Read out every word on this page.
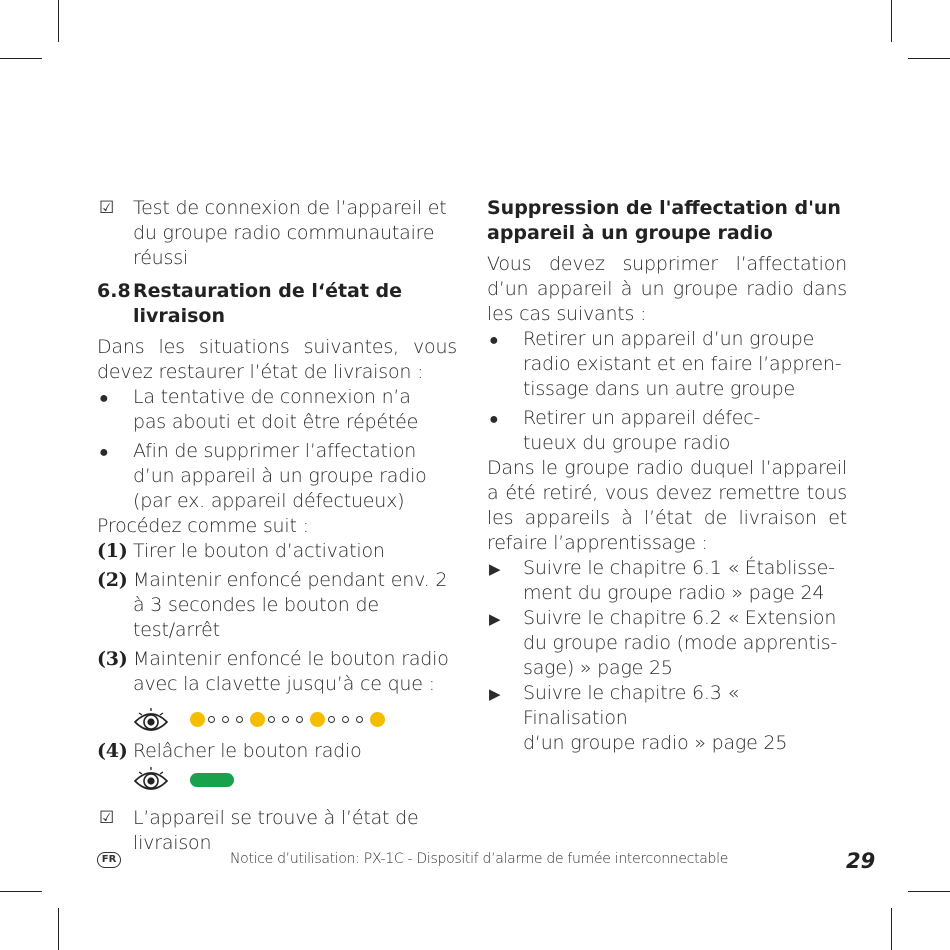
☑ Test de connexion de l’appareil et du groupe radio communautaire réussi
6.8 Restauration de l‘état de livraison
Dans les situations suivantes, vous devez restaurer l’état de livraison :
●	La tentative de connexion n’a
pas abouti et doit être répétée
●	Afin de supprimer l’affectation
d’un appareil à un groupe radio
(par ex. appareil défectueux)
Procédez comme suit :
(1) Tirer le bouton d’activation
(2) Maintenir enfoncé pendant env. 2 à 3 secondes le bouton de test/arrêt
(3) Maintenir enfoncé le bouton radio avec la clavette jusqu’à ce que :
(4) Relâcher le bouton radio
☑ L’appareil se trouve à l’état de livraison
Suppression de l'affectation d'un appareil à un groupe radio
Vous devez supprimer l’affectation d’un appareil à un groupe radio dans les cas suivants :
●	Retirer un appareil d’un groupe
radio existant et en faire l’appren-
tissage dans un autre groupe
●	Retirer un appareil défec-
tueux du groupe radio
Dans le groupe radio duquel l’appareil a été retiré, vous devez remettre tous les appareils à l’état de livraison et refaire l’apprentissage :
▶	Suivre le chapitre 6.1 « Établisse-
ment du groupe radio » page 24
▶	Suivre le chapitre 6.2 « Extension
du groupe radio (mode apprentis-
sage) » page 25
▶	Suivre le chapitre 6.3 « Finalisation
d‘un groupe radio » page 25
FR	Notice d’utilisation: PX-1C - Dispositif d’alarme de fumée interconnectable	29
